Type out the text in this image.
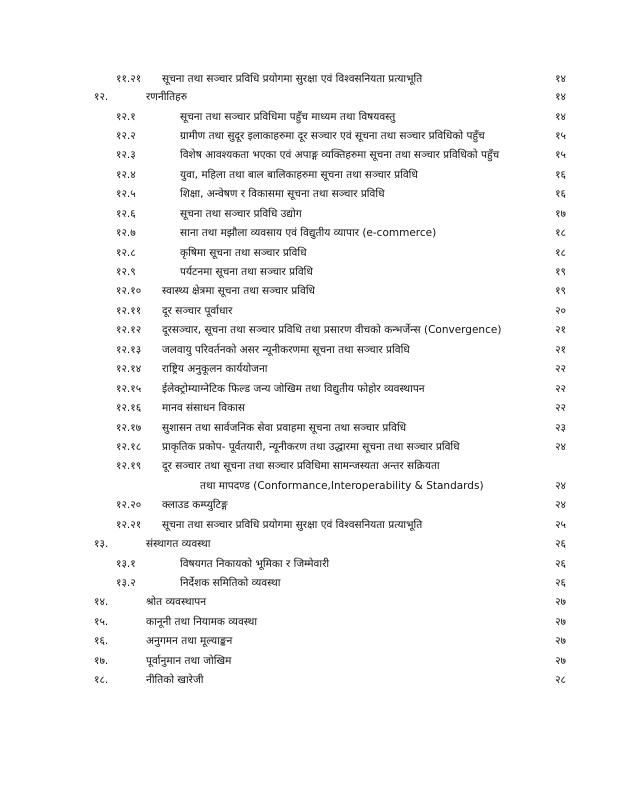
११.२१ सूचना तथा सञ्चार प्रविधि प्रयोगमा सुरक्षा एवं विश्वसनियता प्रत्याभूति	१४
१२.	रणनीतिहरु	१४
१२.१	सूचना तथा सञ्चार प्रविधिमा पहुँच माध्यम तथा विषयवस्तु	१४
१२.२	ग्रामीण तथा सुदूर इलाकाहरुमा दूर सञ्चार एवं सूचना तथा सञ्चार प्रविधिको पहुँच	१५
१२.३	विशेष आवश्यकता भएका एवं अपाङ्ग व्यक्तिहरुमा सूचना तथा सञ्चार प्रविधिको पहुँच	१५
१२.४	युवा, महिला तथा बाल बालिकाहरुमा सूचना तथा सञ्चार प्रविधि	१६
१२.५	शिक्षा, अन्वेषण र विकासमा सूचना तथा सञ्चार प्रविधि	१६
१२.६	सूचना तथा सञ्चार प्रविधि उद्योग	१७
१२.७	साना तथा मझौला व्यवसाय एवं विद्युतीय व्यापार (e-commerce)	१८
१२.८	कृषिमा सूचना तथा सञ्चार प्रविधि	१८
१२.९	पर्यटनमा सूचना तथा सञ्चार प्रविधि	१९
१२.१० स्वास्थ्य क्षेत्रमा सूचना तथा सञ्चार प्रविधि	१९
१२.११ दूर सञ्चार पूर्वाधार	२०
१२.१२ दूरसञ्चार, सूचना तथा सञ्चार प्रविधि तथा प्रसारण वीचको कन्भर्जेन्स (Convergence)	२१
१२.१३ जलवायु परिवर्तनको असर न्यूनीकरणमा सूचना तथा सञ्चार प्रविधि	२१
१२.१४ राष्ट्रिय अनुकूलन कार्ययोजना	२२
१२.१५ ईलेक्ट्रोम्याग्नेटिक फिल्ड जन्य जोखिम तथा विद्युतीय फोहोर व्यवस्थापन	२२
१२.१६ मानव संसाधन विकास	२२
१२.१७ सुशासन तथा सार्वजनिक सेवा प्रवाहमा सूचना तथा सञ्चार प्रविधि	२३
१२.१८ प्राकृतिक प्रकोप- पूर्वतयारी, न्यूनीकरण तथा उद्धारमा सूचना तथा सञ्चार प्रविधि	२४
१२.१९ दूर सञ्चार तथा सूचना तथा सञ्चार प्रविधिमा सामन्जस्यता अन्तर सक्रियता
तथा मापदण्ड (Conformance,Interoperability & Standards)	२४
१२.२० क्लाउड कम्प्युटिङ्ग	२४
१२.२१ सूचना तथा सञ्चार प्रविधि प्रयोगमा सुरक्षा एवं विश्वसनियता प्रत्याभूति	२५
१३.	संस्थागत व्यवस्था	२६
१३.१	विषयगत निकायको भूमिका र जिम्मेवारी	२६
१३.२	निर्देशक समितिको व्यवस्था	२६
१४.	श्रोत व्यवस्थापन	२७
१५.	कानूनी तथा नियामक व्यवस्था	२७
१६.	अनुगमन तथा मूल्याङ्कन	२७
१७.	पूर्वानुमान तथा जोखिम	२७
१८.	नीतिको खारेजी	२८
